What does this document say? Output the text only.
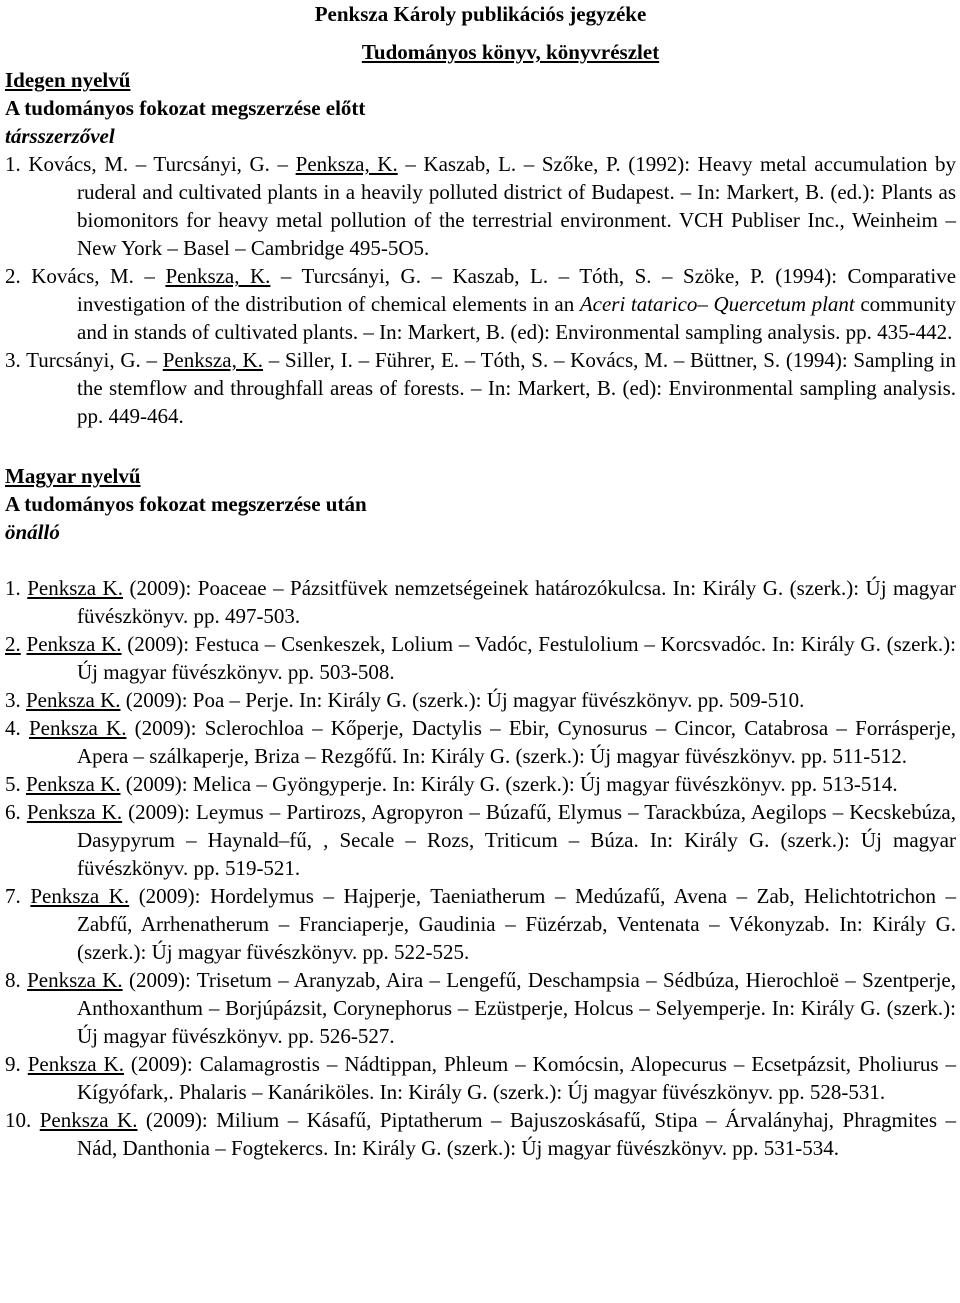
Penksza Károly publikációs jegyzéke

Tudományos könyv, könyvrészlet

Idegen nyelvű
A tudományos fokozat megszerzése előtt
társszerzővel

1. Kovács, M. – Turcsányi, G. – Penksza, K. – Kaszab, L. – Szőke, P. (1992): Heavy metal accumulation by ruderal and cultivated plants in a heavily polluted district of Budapest. – In: Markert, B. (ed.): Plants as biomonitors for heavy metal pollution of the terrestrial environment. VCH Publiser Inc., Weinheim – New York – Basel – Cambridge 495-5O5.

2. Kovács, M. – Penksza, K. – Turcsányi, G. – Kaszab, L. – Tóth, S. – Szöke, P. (1994): Comparative investigation of the distribution of chemical elements in an Aceri tatarico– Quercetum plant community and in stands of cultivated plants. – In: Markert, B. (ed): Environmental sampling analysis. pp. 435-442.

3. Turcsányi, G. – Penksza, K. – Siller, I. – Führer, E. – Tóth, S. – Kovács, M. – Büttner, S. (1994): Sampling in the stemflow and throughfall areas of forests. – In: Markert, B. (ed): Environmental sampling analysis. pp. 449-464.

Magyar nyelvű
A tudományos fokozat megszerzése után
önálló

1. Penksza K. (2009): Poaceae – Pázsitfüvek nemzetségeinek határozókulcsa. In: Király G. (szerk.): Új magyar füvészkönyv. pp. 497-503.

2. Penksza K. (2009): Festuca – Csenkeszek, Lolium – Vadóc, Festulolium – Korcsvadóc. In: Király G. (szerk.): Új magyar füvészkönyv. pp. 503-508.

3. Penksza K. (2009): Poa – Perje. In: Király G. (szerk.): Új magyar füvészkönyv. pp. 509-510.

4. Penksza K. (2009): Sclerochloa – Kőperje, Dactylis – Ebir, Cynosurus – Cincor, Catabrosa – Forrásperje, Apera – szálkaperje, Briza – Rezgőfű. In: Király G. (szerk.): Új magyar füvészkönyv. pp. 511-512.

5. Penksza K. (2009): Melica – Gyöngyperje. In: Király G. (szerk.): Új magyar füvészkönyv. pp. 513-514.

6. Penksza K. (2009): Leymus – Partirozs, Agropyron – Búzafű, Elymus – Tarackbúza, Aegilops – Kecskebúza, Dasypyrum – Haynald–fű, , Secale – Rozs, Triticum – Búza. In: Király G. (szerk.): Új magyar füvészkönyv. pp. 519-521.

7. Penksza K. (2009): Hordelymus – Hajperje, Taeniatherum – Medúzafű, Avena – Zab, Helichtotrichon – Zabfű, Arrhenatherum – Franciaperje, Gaudinia – Füzérzab, Ventenata – Vékonyzab. In: Király G. (szerk.): Új magyar füvészkönyv. pp. 522-525.

8. Penksza K. (2009): Trisetum – Aranyzab, Aira – Lengefű, Deschampsia – Sédbúza, Hierochloë – Szentperje, Anthoxanthum – Borjúpázsit, Corynephorus – Ezüstperje, Holcus – Selyemperje. In: Király G. (szerk.): Új magyar füvészkönyv. pp. 526-527.

9. Penksza K. (2009): Calamagrostis – Nádtippan, Phleum – Komócsin, Alopecurus – Ecsetpázsit, Pholiurus – Kígyófark,. Phalaris – Kanáriköles. In: Király G. (szerk.): Új magyar füvészkönyv. pp. 528-531.

10. Penksza K. (2009): Milium – Kásafű, Piptatherum – Bajuszoskásafű, Stipa – Árvalányhaj, Phragmites – Nád, Danthonia – Fogtekercs. In: Király G. (szerk.): Új magyar füvészkönyv. pp. 531-534.
